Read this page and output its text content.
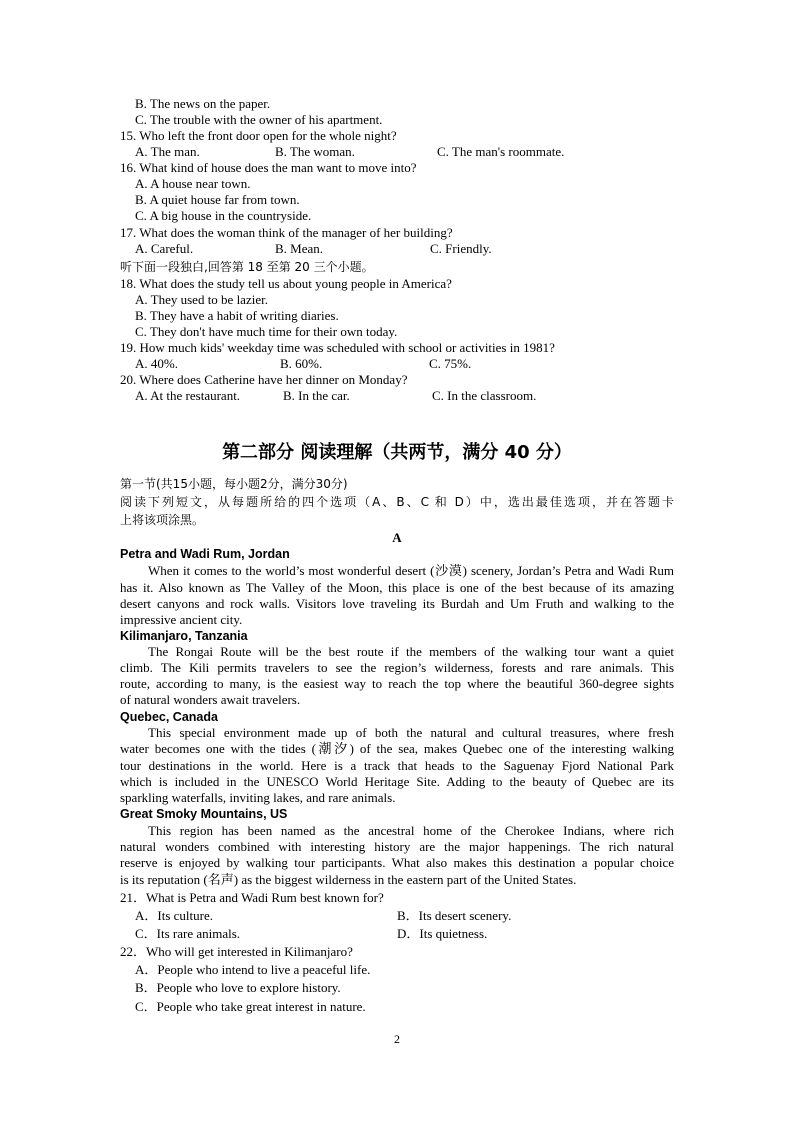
B. The news on the paper.
C. The trouble with the owner of his apartment.
15. Who left the front door open for the whole night?
A. The man.	B. The woman.	C. The man's roommate.
16. What kind of house does the man want to move into?
A. A house near town.
B. A quiet house far from town.
C. A big house in the countryside.
17. What does the woman think of the manager of her building?
A. Careful.	B. Mean.	C. Friendly.
听下面一段独白,回答第 18 至第 20 三个小题。
18. What does the study tell us about young people in America?
A. They used to be lazier.
B. They have a habit of writing diaries.
C. They don't have much time for their own today.
19. How much kids' weekday time was scheduled with school or activities in 1981?
A. 40%.	B. 60%.	C. 75%.
20. Where does Catherine have her dinner on Monday?
A. At the restaurant.	B. In the car.	C. In the classroom.
第二部分 阅读理解（共两节，满分 40 分）
第一节(共15小题，每小题2分，满分30分)
阅读下列短文，从每题所给的四个选项（A、B、C 和 D）中，选出最佳选项，并在答题卡
上将该项涂黑。
A
Petra and Wadi Rum, Jordan
When it comes to the world’s most wonderful desert (沙漠) scenery, Jordan’s Petra and Wadi Rum
has it. Also known as The Valley of the Moon, this place is one of the best because of its amazing
desert canyons and rock walls. Visitors love traveling its Burdah and Um Fruth and walking to the
impressive ancient city.
Kilimanjaro, Tanzania
The Rongai Route will be the best route if the members of the walking tour want a quiet
climb. The Kili permits travelers to see the region’s wilderness, forests and rare animals. This
route, according to many, is the easiest way to reach the top where the beautiful 360-degree sights
of natural wonders await travelers.
Quebec, Canada
This special environment made up of both the natural and cultural treasures, where fresh
water becomes one with the tides (潮汐) of the sea, makes Quebec one of the interesting walking
tour destinations in the world. Here is a track that heads to the Saguenay Fjord National Park
which is included in the UNESCO World Heritage Site. Adding to the beauty of Quebec are its
sparkling waterfalls, inviting lakes, and rare animals.
Great Smoky Mountains, US
This region has been named as the ancestral home of the Cherokee Indians, where rich
natural wonders combined with interesting history are the major happenings. The rich natural
reserve is enjoyed by walking tour participants. What also makes this destination a popular choice
is its reputation (名声) as the biggest wilderness in the eastern part of the United States.
21．What is Petra and Wadi Rum best known for?
A．Its culture.	B．Its desert scenery.
C．Its rare animals.	D．Its quietness.
22．Who will get interested in Kilimanjaro?
A．People who intend to live a peaceful life.
B．People who love to explore history.
C．People who take great interest in nature.
2
